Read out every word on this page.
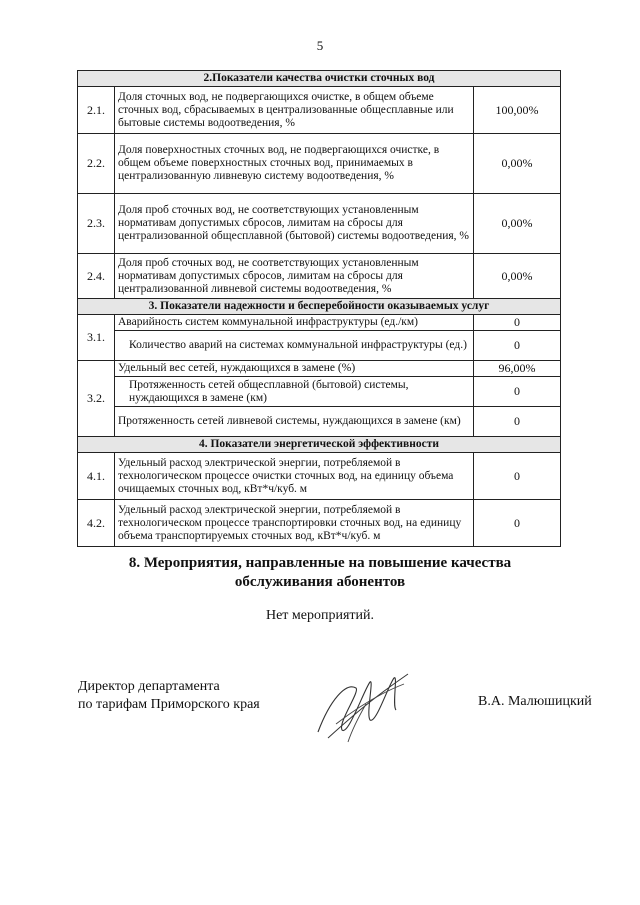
5
2.Показатели качества очистки сточных вод		
2.1.	Доля сточных вод, не подвергающихся очистке, в общем объеме сточных вод, сбрасываемых в централизованные общесплавные или бытовые системы водоотведения, %	100,00%
2.2.	Доля поверхностных сточных вод, не подвергающихся очистке, в общем объеме поверхностных сточных вод, принимаемых в централизованную ливневую систему водоотведения, %	0,00%
2.3.	Доля проб сточных вод, не соответствующих установленным нормативам допустимых сбросов, лимитам на сбросы для централизованной общесплавной (бытовой) системы водоотведения, %	0,00%
2.4.	Доля проб сточных вод, не соответствующих установленным нормативам допустимых сбросов, лимитам на сбросы для централизованной ливневой системы водоотведения, %	0,00%
3. Показатели надежности и бесперебойности оказываемых услуг		
3.1.	Аварийность систем коммунальной инфраструктуры (ед./км)	0
	Количество аварий на системах коммунальной инфраструктуры (ед.)	0
3.2.	Удельный вес сетей, нуждающихся в замене (%)	96,00%
	Протяженность сетей общесплавной (бытовой) системы, нуждающихся в замене (км)	0
	Протяженность сетей ливневой системы, нуждающихся в замене (км)	0
4. Показатели энергетической эффективности		
4.1.	Удельный расход электрической энергии, потребляемой в технологическом процессе очистки сточных вод, на единицу объема очищаемых сточных вод, кВт*ч/куб. м	0
4.2.	Удельный расход электрической энергии, потребляемой в технологическом процессе транспортировки сточных вод, на единицу объема транспортируемых сточных вод, кВт*ч/куб. м	0
8. Мероприятия, направленные на повышение качества
обслуживания абонентов
Нет мероприятий.
Директор департамента
по тарифам Приморского края	В.А. Малюшицкий
